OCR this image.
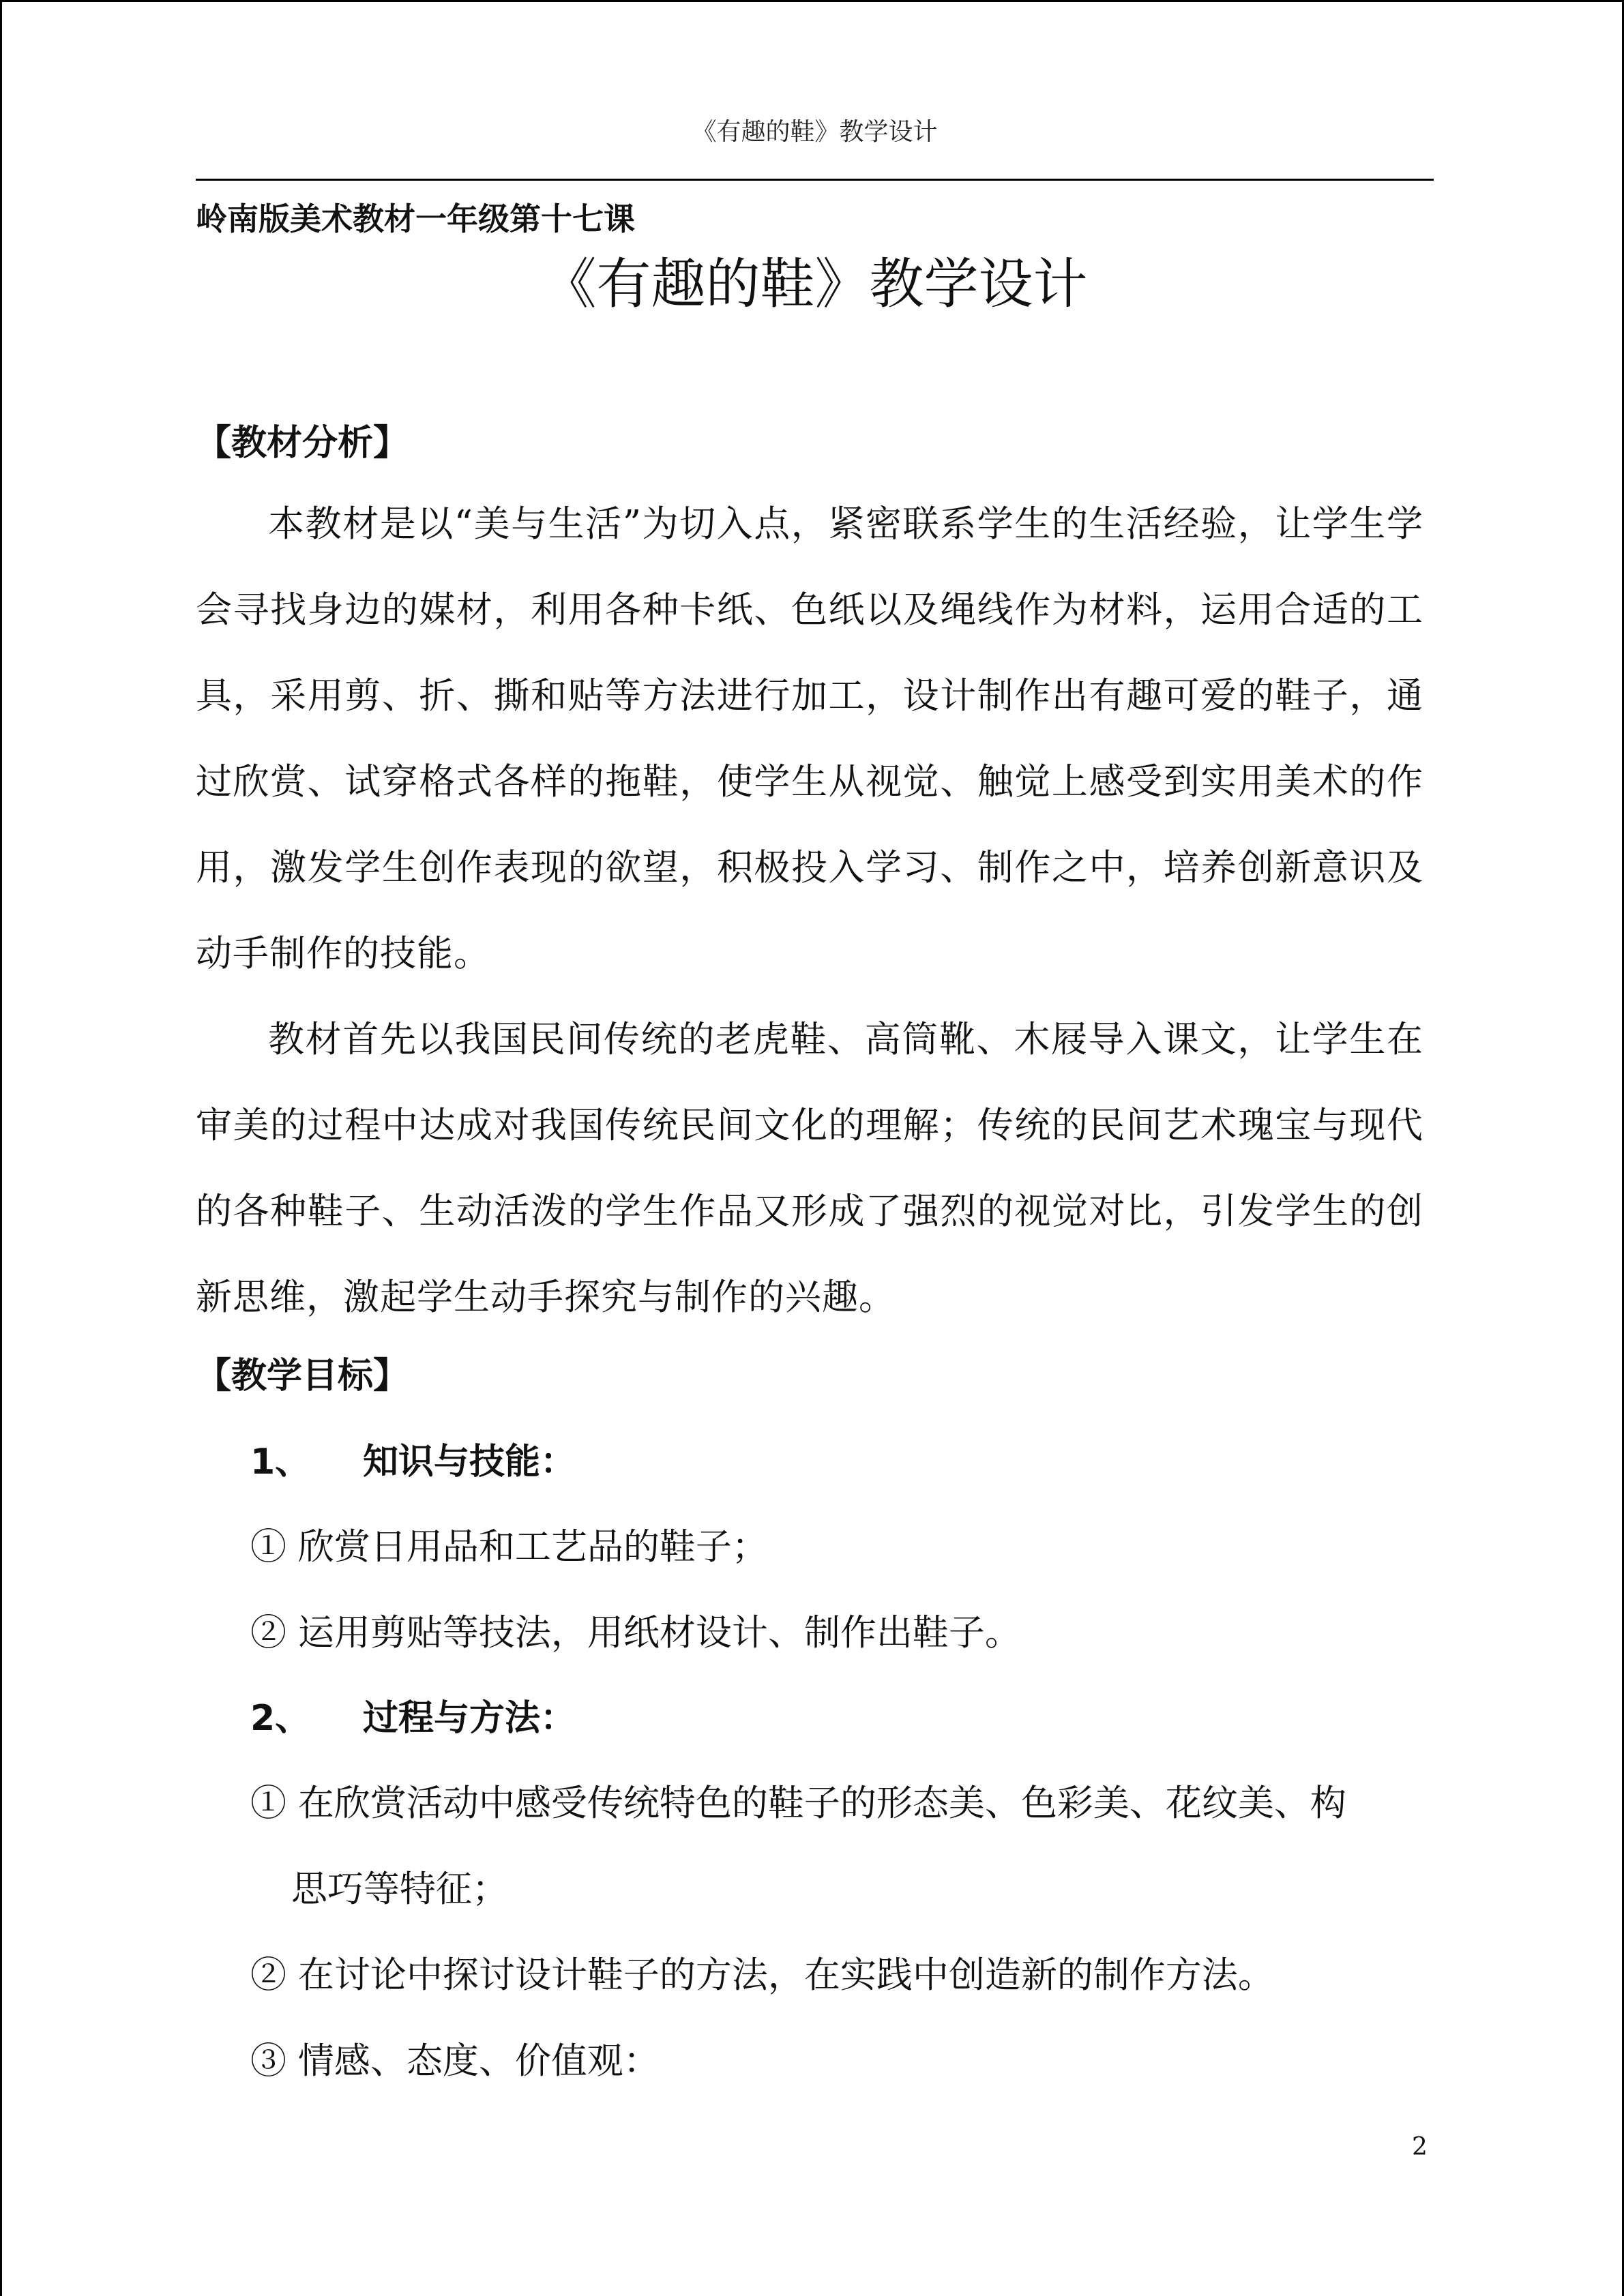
《有趣的鞋》教学设计
岭南版美术教材一年级第十七课
《有趣的鞋》教学设计

【教材分析】

本教材是以“美与生活”为切入点，紧密联系学生的生活经验，让学生学会寻找身边的媒材，利用各种卡纸、色纸以及绳线作为材料，运用合适的工具，采用剪、折、撕和贴等方法进行加工，设计制作出有趣可爱的鞋子，通过欣赏、试穿格式各样的拖鞋，使学生从视觉、触觉上感受到实用美术的作用，激发学生创作表现的欲望，积极投入学习、制作之中，培养创新意识及动手制作的技能。

教材首先以我国民间传统的老虎鞋、高筒靴、木屐导入课文，让学生在审美的过程中达成对我国传统民间文化的理解；传统的民间艺术瑰宝与现代的各种鞋子、生动活泼的学生作品又形成了强烈的视觉对比，引发学生的创新思维，激起学生动手探究与制作的兴趣。

【教学目标】

1、 知识与技能：

① 欣赏日用品和工艺品的鞋子；

② 运用剪贴等技法，用纸材设计、制作出鞋子。

2、 过程与方法：

① 在欣赏活动中感受传统特色的鞋子的形态美、色彩美、花纹美、构

思巧等特征；

② 在讨论中探讨设计鞋子的方法，在实践中创造新的制作方法。

③ 情感、态度、价值观：

2
